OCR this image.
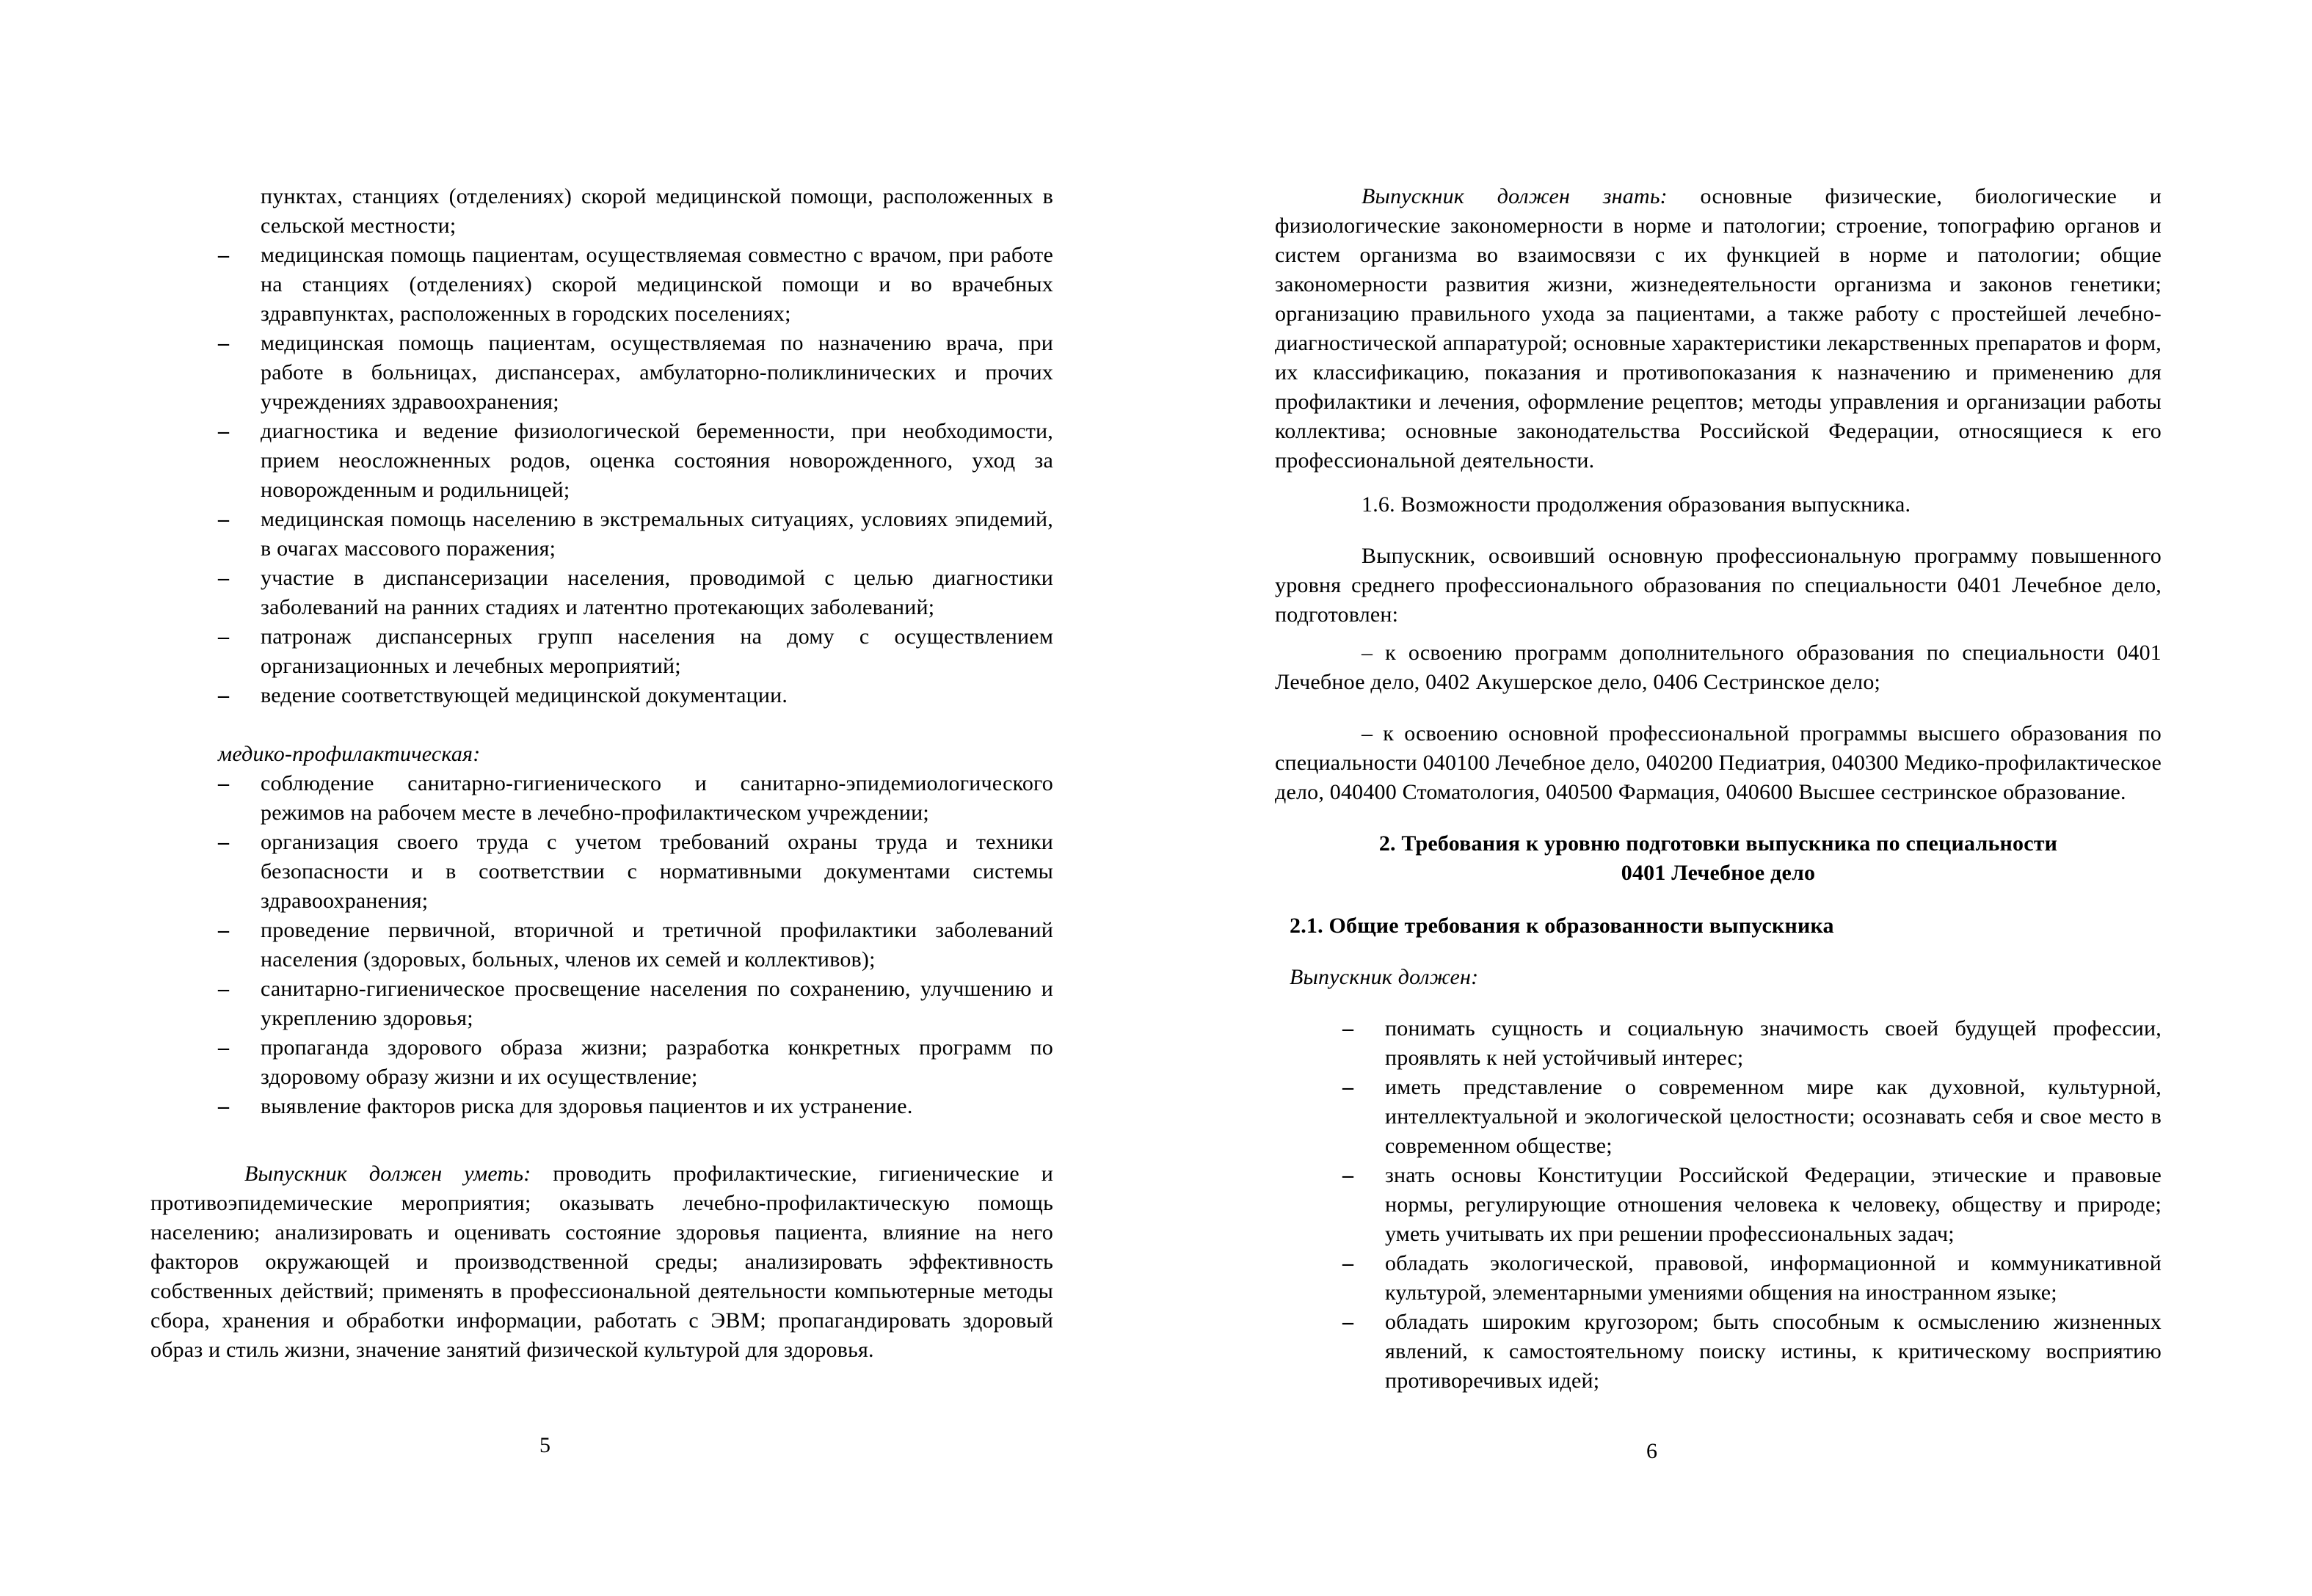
пунктах, станциях (отделениях) скорой медицинской помощи, расположенных в сельской местности;
– медицинская помощь пациентам, осуществляемая совместно с врачом, при работе на станциях (отделениях) скорой медицинской помощи и во врачебных здравпунктах, расположенных в городских поселениях;
– медицинская помощь пациентам, осуществляемая по назначению врача, при работе в больницах, диспансерах, амбулаторно-поликлинических и прочих учреждениях здравоохранения;
– диагностика и ведение физиологической беременности, при необходимости, прием неосложненных родов, оценка состояния новорожденного, уход за новорожденным и родильницей;
– медицинская помощь населению в экстремальных ситуациях, условиях эпидемий, в очагах массового поражения;
– участие в диспансеризации населения, проводимой с целью диагностики заболеваний на ранних стадиях и латентно протекающих заболеваний;
– патронаж диспансерных групп населения на дому с осуществлением организационных и лечебных мероприятий;
– ведение соответствующей медицинской документации.

медико-профилактическая:

– соблюдение санитарно-гигиенического и санитарно-эпидемиологического режимов на рабочем месте в лечебно-профилактическом учреждении;
– организация своего труда с учетом требований охраны труда и техники безопасности и в соответствии с нормативными документами системы здравоохранения;
– проведение первичной, вторичной и третичной профилактики заболеваний населения (здоровых, больных, членов их семей и коллективов);
– санитарно-гигиеническое просвещение населения по сохранению, улучшению и укреплению здоровья;
– пропаганда здорового образа жизни; разработка конкретных программ по здоровому образу жизни и их осуществление;
– выявление факторов риска для здоровья пациентов и их устранение.

Выпускник должен уметь: проводить профилактические, гигиенические и противоэпидемические мероприятия; оказывать лечебно-профилактическую помощь населению; анализировать и оценивать состояние здоровья пациента, влияние на него факторов окружающей и производственной среды; анализировать эффективность собственных действий; применять в профессиональной деятельности компьютерные методы сбора, хранения и обработки информации, работать с ЭВМ; пропагандировать здоровый образ и стиль жизни, значение занятий физической культурой для здоровья.

Выпускник должен знать: основные физические, биологические и физиологические закономерности в норме и патологии; строение, топографию органов и систем организма во взаимосвязи с их функцией в норме и патологии; общие закономерности развития жизни, жизнедеятельности организма и законов генетики; организацию правильного ухода за пациентами, а также работу с простейшей лечебно-диагностической аппаратурой; основные характеристики лекарственных препаратов и форм, их классификацию, показания и противопоказания к назначению и применению для профилактики и лечения, оформление рецептов; методы управления и организации работы коллектива; основные законодательства Российской Федерации, относящиеся к его профессиональной деятельности.

1.6. Возможности продолжения образования выпускника.

Выпускник, освоивший основную профессиональную программу повышенного уровня среднего профессионального образования по специальности 0401 Лечебное дело, подготовлен:

– к освоению программ дополнительного образования по специальности 0401 Лечебное дело, 0402 Акушерское дело, 0406 Сестринское дело;

– к освоению основной профессиональной программы высшего образования по специальности 040100 Лечебное дело, 040200 Педиатрия, 040300 Медико-профилактическое дело, 040400 Стоматология, 040500 Фармация, 040600 Высшее сестринское образование.

2. Требования к уровню подготовки выпускника по специальности
0401 Лечебное дело

2.1. Общие требования к образованности выпускника

Выпускник должен:

– понимать сущность и социальную значимость своей будущей профессии, проявлять к ней устойчивый интерес;
– иметь представление о современном мире как духовной, культурной, интеллектуальной и экологической целостности; осознавать себя и свое место в современном обществе;
– знать основы Конституции Российской Федерации, этические и правовые нормы, регулирующие отношения человека к человеку, обществу и природе; уметь учитывать их при решении профессиональных задач;
– обладать экологической, правовой, информационной и коммуникативной культурой, элементарными умениями общения на иностранном языке;
– обладать широким кругозором; быть способным к осмыслению жизненных явлений, к самостоятельному поиску истины, к критическому восприятию противоречивых идей;
5	6
